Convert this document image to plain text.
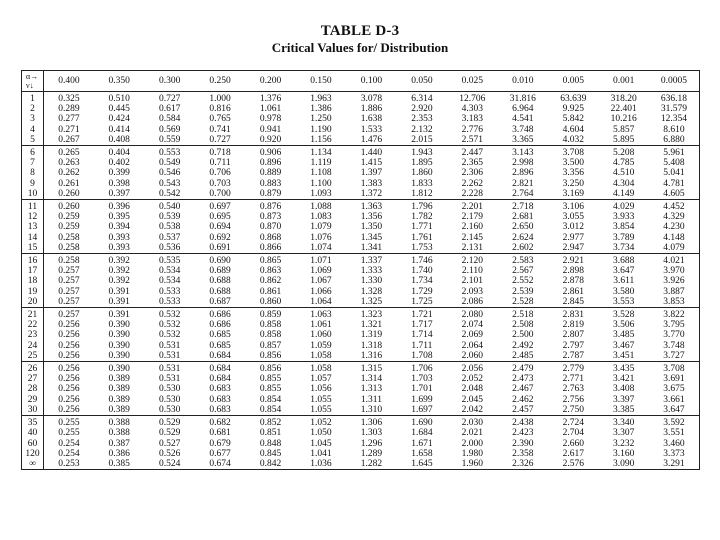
TABLE D-3
Critical Values for/ Distribution
α→
ν↓	0.400	0.350	0.300	0.250	0.200	0.150	0.100	0.050	0.025	0.010	0.005	0.001	0.0005
1	0.325	0.510	0.727	1.000	1.376	1.963	3.078	6.314	12.706	31.816	63.639	318.20	636.18
2	0.289	0.445	0.617	0.816	1.061	1.386	1.886	2.920	4.303	6.964	9.925	22.401	31.579
3	0.277	0.424	0.584	0.765	0.978	1.250	1.638	2.353	3.183	4.541	5.842	10.216	12.354
4	0.271	0.414	0.569	0.741	0.941	1.190	1.533	2.132	2.776	3.748	4.604	5.857	8.610
5	0.267	0.408	0.559	0.727	0.920	1.156	1.476	2.015	2.571	3.365	4.032	5.895	6.880
6	0.265	0.404	0.553	0.718	0.906	1.134	1.440	1.943	2.447	3.143	3.708	5.208	5.961
7	0.263	0.402	0.549	0.711	0.896	1.119	1.415	1.895	2.365	2.998	3.500	4.785	5.408
8	0.262	0.399	0.546	0.706	0.889	1.108	1.397	1.860	2.306	2.896	3.356	4.510	5.041
9	0.261	0.398	0.543	0.703	0.883	1.100	1.383	1.833	2.262	2.821	3.250	4.304	4.781
10	0.260	0.397	0.542	0.700	0.879	1.093	1.372	1.812	2.228	2.764	3.169	4.149	4.605
11	0.260	0.396	0.540	0.697	0.876	1.088	1.363	1.796	2.201	2.718	3.106	4.029	4.452
12	0.259	0.395	0.539	0.695	0.873	1.083	1.356	1.782	2.179	2.681	3.055	3.933	4.329
13	0.259	0.394	0.538	0.694	0.870	1.079	1.350	1.771	2.160	2.650	3.012	3.854	4.230
14	0.258	0.393	0.537	0.692	0.868	1.076	1.345	1.761	2.145	2.624	2.977	3.789	4.148
15	0.258	0.393	0.536	0.691	0.866	1.074	1.341	1.753	2.131	2.602	2.947	3.734	4.079
16	0.258	0.392	0.535	0.690	0.865	1.071	1.337	1.746	2.120	2.583	2.921	3.688	4.021
17	0.257	0.392	0.534	0.689	0.863	1.069	1.333	1.740	2.110	2.567	2.898	3.647	3.970
18	0.257	0.392	0.534	0.688	0.862	1.067	1.330	1.734	2.101	2.552	2.878	3.611	3.926
19	0.257	0.391	0.533	0.688	0.861	1.066	1.328	1.729	2.093	2.539	2.861	3.580	3.887
20	0.257	0.391	0.533	0.687	0.860	1.064	1.325	1.725	2.086	2.528	2.845	3.553	3.853
21	0.257	0.391	0.532	0.686	0.859	1.063	1.323	1.721	2.080	2.518	2.831	3.528	3.822
22	0.256	0.390	0.532	0.686	0.858	1.061	1.321	1.717	2.074	2.508	2.819	3.506	3.795
23	0.256	0.390	0.532	0.685	0.858	1.060	1.319	1.714	2.069	2.500	2.807	3.485	3.770
24	0.256	0.390	0.531	0.685	0.857	1.059	1.318	1.711	2.064	2.492	2.797	3.467	3.748
25	0.256	0.390	0.531	0.684	0.856	1.058	1.316	1.708	2.060	2.485	2.787	3.451	3.727
26	0.256	0.390	0.531	0.684	0.856	1.058	1.315	1.706	2.056	2.479	2.779	3.435	3.708
27	0.256	0.389	0.531	0.684	0.855	1.057	1.314	1.703	2.052	2.473	2.771	3.421	3.691
28	0.256	0.389	0.530	0.683	0.855	1.056	1.313	1.701	2.048	2.467	2.763	3.408	3.675
29	0.256	0.389	0.530	0.683	0.854	1.055	1.311	1.699	2.045	2.462	2.756	3.397	3.661
30	0.256	0.389	0.530	0.683	0.854	1.055	1.310	1.697	2.042	2.457	2.750	3.385	3.647
35	0.255	0.388	0.529	0.682	0.852	1.052	1.306	1.690	2.030	2.438	2.724	3.340	3.592
40	0.255	0.388	0.529	0.681	0.851	1.050	1.303	1.684	2.021	2.423	2.704	3.307	3.551
60	0.254	0.387	0.527	0.679	0.848	1.045	1.296	1.671	2.000	2.390	2.660	3.232	3.460
120	0.254	0.386	0.526	0.677	0.845	1.041	1.289	1.658	1.980	2.358	2.617	3.160	3.373
∞	0.253	0.385	0.524	0.674	0.842	1.036	1.282	1.645	1.960	2.326	2.576	3.090	3.291
